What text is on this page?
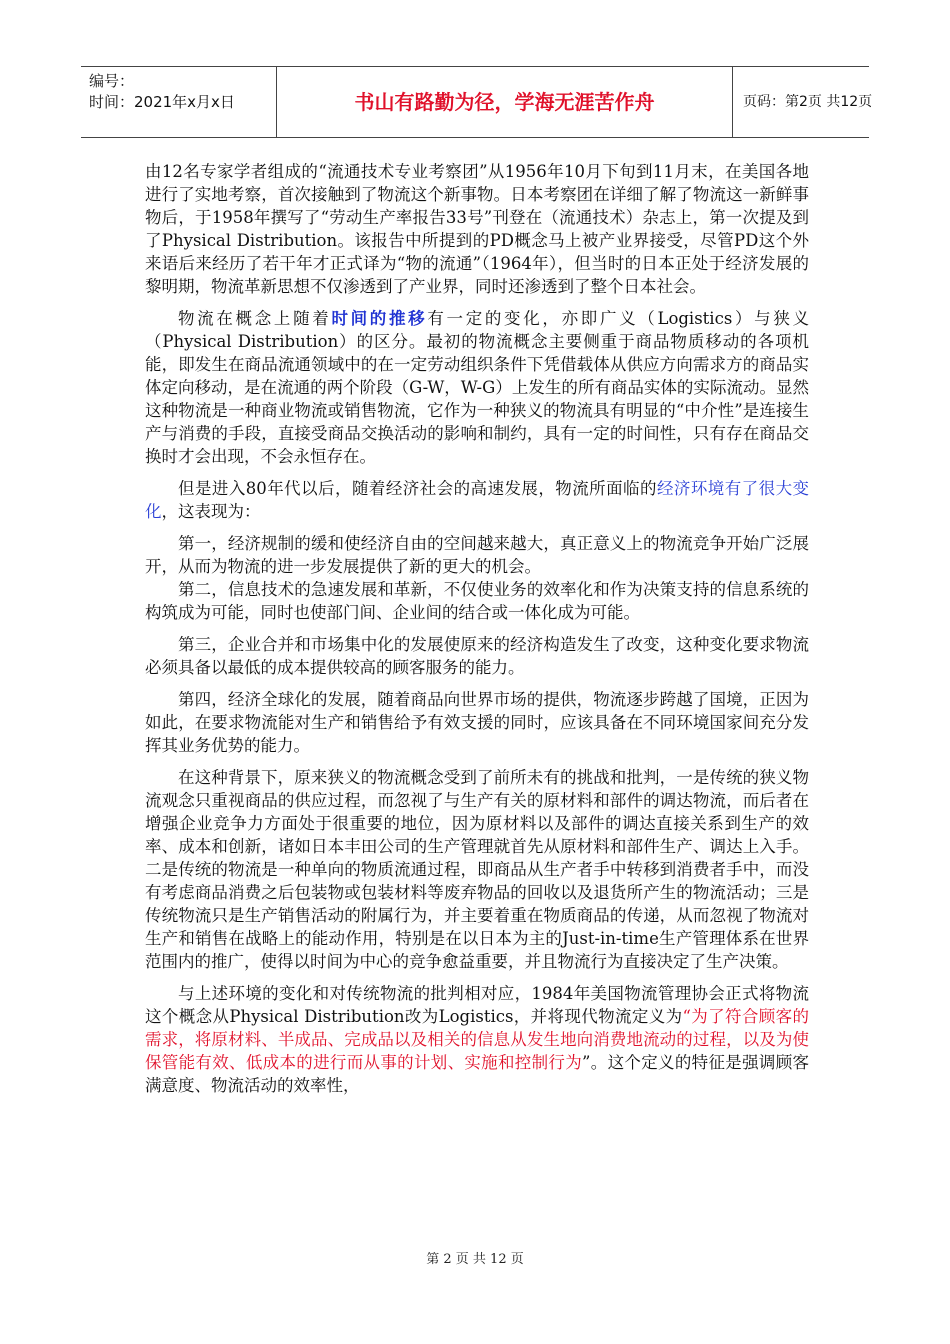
编号：
时间：2021年x月x日	书山有路勤为径，学海无涯苦作舟	页码：第2页 共12页

由12名专家学者组成的“流通技术专业考察团”从1956年10月下旬到11月末，在美国各地进行了实地考察，首次接触到了物流这个新事物。日本考察团在详细了解了物流这一新鲜事物后，于1958年撰写了“劳动生产率报告33号”刊登在（流通技术）杂志上，第一次提及到了Physical Distribution。该报告中所提到的PD概念马上被产业界接受，尽管PD这个外来语后来经历了若干年才正式译为“物的流通”（1964年），但当时的日本正处于经济发展的黎明期，物流革新思想不仅渗透到了产业界，同时还渗透到了整个日本社会。

物流在概念上随着时间的推移有一定的变化，亦即广义（Logistics）与狭义（Physical Distribution）的区分。最初的物流概念主要侧重于商品物质移动的各项机能，即发生在商品流通领域中的在一定劳动组织条件下凭借载体从供应方向需求方的商品实体定向移动，是在流通的两个阶段（G-W，W-G）上发生的所有商品实体的实际流动。显然这种物流是一种商业物流或销售物流，它作为一种狭义的物流具有明显的“中介性”是连接生产与消费的手段，直接受商品交换活动的影响和制约，具有一定的时间性，只有存在商品交换时才会出现，不会永恒存在。

但是进入80年代以后，随着经济社会的高速发展，物流所面临的经济环境有了很大变化，这表现为：

第一，经济规制的缓和使经济自由的空间越来越大，真正意义上的物流竞争开始广泛展开，从而为物流的进一步发展提供了新的更大的机会。

第二，信息技术的急速发展和革新，不仅使业务的效率化和作为决策支持的信息系统的构筑成为可能，同时也使部门间、企业间的结合或一体化成为可能。

第三，企业合并和市场集中化的发展使原来的经济构造发生了改变，这种变化要求物流必须具备以最低的成本提供较高的顾客服务的能力。

第四，经济全球化的发展，随着商品向世界市场的提供，物流逐步跨越了国境，正因为如此，在要求物流能对生产和销售给予有效支援的同时，应该具备在不同环境国家间充分发挥其业务优势的能力。

在这种背景下，原来狭义的物流概念受到了前所未有的挑战和批判，一是传统的狭义物流观念只重视商品的供应过程，而忽视了与生产有关的原材料和部件的调达物流，而后者在增强企业竞争力方面处于很重要的地位，因为原材料以及部件的调达直接关系到生产的效率、成本和创新，诸如日本丰田公司的生产管理就首先从原材料和部件生产、调达上入手。二是传统的物流是一种单向的物质流通过程，即商品从生产者手中转移到消费者手中，而没有考虑商品消费之后包装物或包装材料等废弃物品的回收以及退货所产生的物流活动；三是传统物流只是生产销售活动的附属行为，并主要着重在物质商品的传递，从而忽视了物流对生产和销售在战略上的能动作用，特别是在以日本为主的Just-in-time生产管理体系在世界范围内的推广，使得以时间为中心的竞争愈益重要，并且物流行为直接决定了生产决策。

与上述环境的变化和对传统物流的批判相对应，1984年美国物流管理协会正式将物流这个概念从Physical Distribution改为Logistics，并将现代物流定义为“为了符合顾客的需求，将原材料、半成品、完成品以及相关的信息从发生地向消费地流动的过程，以及为使保管能有效、低成本的进行而从事的计划、实施和控制行为”。这个定义的特征是强调顾客满意度、物流活动的效率性，

第 2 页 共 12 页
